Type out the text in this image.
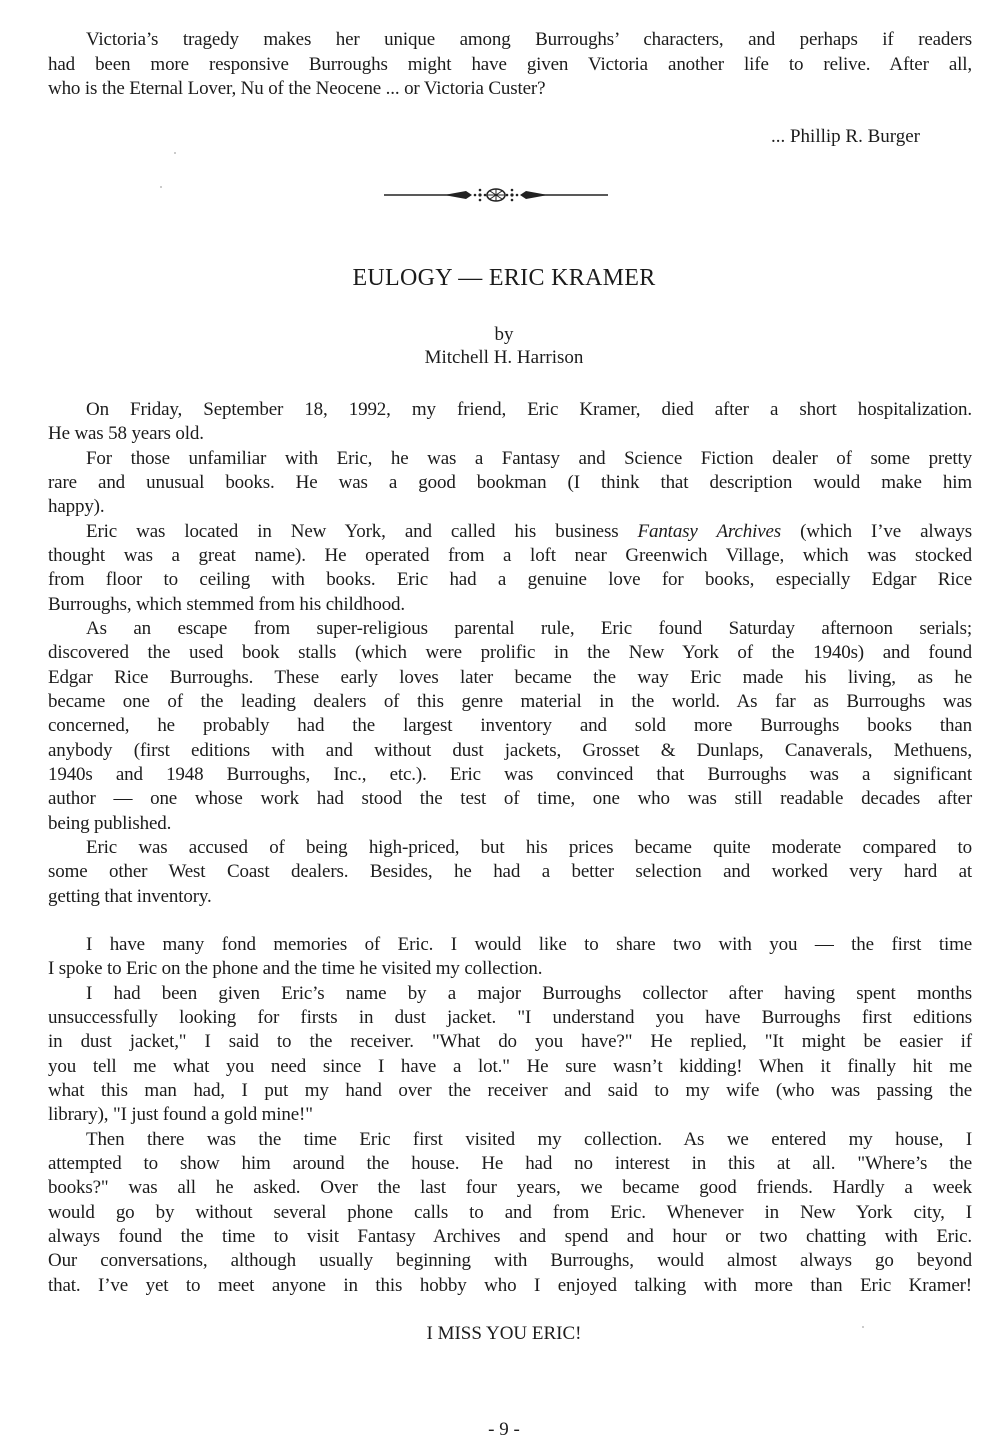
Victoria’s tragedy makes her unique among Burroughs’ characters, and perhaps if readers
had been more responsive Burroughs might have given Victoria another life to relive. After all,
who is the Eternal Lover, Nu of the Neocene ... or Victoria Custer?
... Phillip R. Burger
EULOGY — ERIC KRAMER
by
Mitchell H. Harrison
On Friday, September 18, 1992, my friend, Eric Kramer, died after a short hospitalization.
He was 58 years old.
For those unfamiliar with Eric, he was a Fantasy and Science Fiction dealer of some pretty
rare and unusual books. He was a good bookman (I think that description would make him
happy).
Eric was located in New York, and called his business Fantasy Archives (which I’ve always
thought was a great name). He operated from a loft near Greenwich Village, which was stocked
from floor to ceiling with books. Eric had a genuine love for books, especially Edgar Rice
Burroughs, which stemmed from his childhood.
As an escape from super-religious parental rule, Eric found Saturday afternoon serials;
discovered the used book stalls (which were prolific in the New York of the 1940s) and found
Edgar Rice Burroughs. These early loves later became the way Eric made his living, as he
became one of the leading dealers of this genre material in the world. As far as Burroughs was
concerned, he probably had the largest inventory and sold more Burroughs books than
anybody (first editions with and without dust jackets, Grosset & Dunlaps, Canaverals, Methuens,
1940s and 1948 Burroughs, Inc., etc.). Eric was convinced that Burroughs was a significant
author — one whose work had stood the test of time, one who was still readable decades after
being published.
Eric was accused of being high-priced, but his prices became quite moderate compared to
some other West Coast dealers. Besides, he had a better selection and worked very hard at
getting that inventory.
I have many fond memories of Eric. I would like to share two with you — the first time
I spoke to Eric on the phone and the time he visited my collection.
I had been given Eric’s name by a major Burroughs collector after having spent months
unsuccessfully looking for firsts in dust jacket. "I understand you have Burroughs first editions
in dust jacket," I said to the receiver. "What do you have?" He replied, "It might be easier if
you tell me what you need since I have a lot." He sure wasn’t kidding! When it finally hit me
what this man had, I put my hand over the receiver and said to my wife (who was passing the
library), "I just found a gold mine!"
Then there was the time Eric first visited my collection. As we entered my house, I
attempted to show him around the house. He had no interest in this at all. "Where’s the
books?" was all he asked. Over the last four years, we became good friends. Hardly a week
would go by without several phone calls to and from Eric. Whenever in New York city, I
always found the time to visit Fantasy Archives and spend and hour or two chatting with Eric.
Our conversations, although usually beginning with Burroughs, would almost always go beyond
that. I’ve yet to meet anyone in this hobby who I enjoyed talking with more than Eric Kramer!
I MISS YOU ERIC!
- 9 -
